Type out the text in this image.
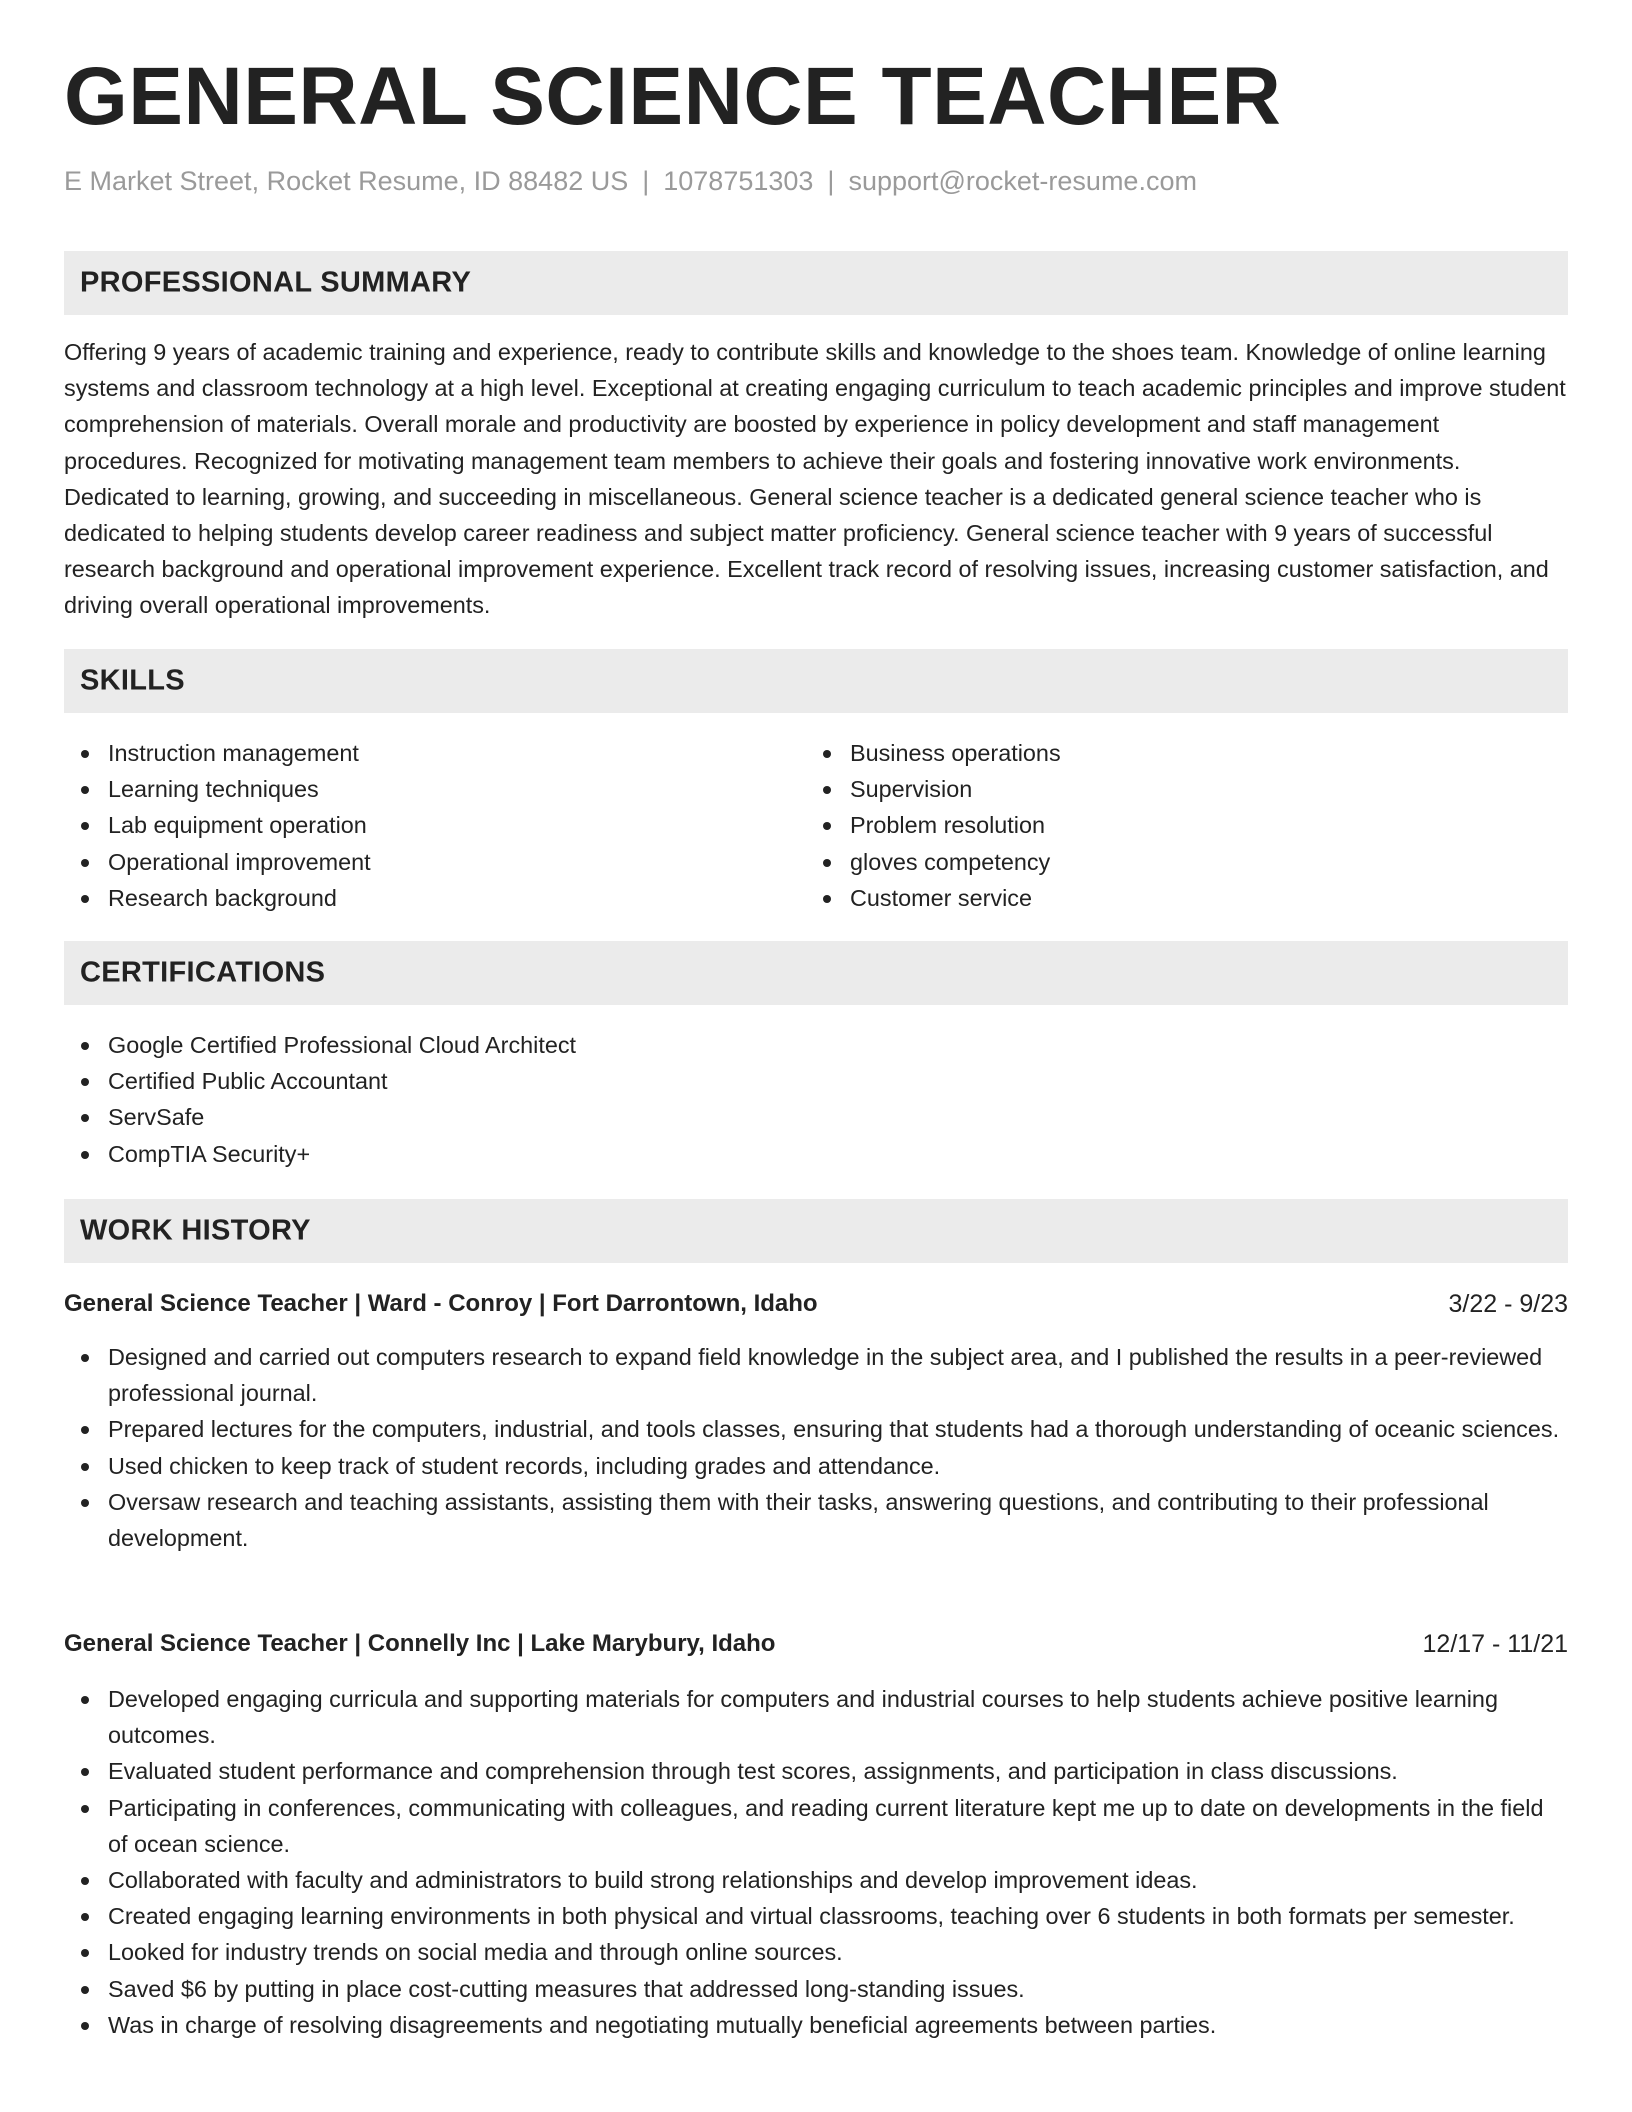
GENERAL SCIENCE TEACHER
E Market Street, Rocket Resume, ID 88482 US | 1078751303 | support@rocket-resume.com
PROFESSIONAL SUMMARY

Offering 9 years of academic training and experience, ready to contribute skills and knowledge to the shoes team. Knowledge of online learning systems and classroom technology at a high level. Exceptional at creating engaging curriculum to teach academic principles and improve student comprehension of materials. Overall morale and productivity are boosted by experience in policy development and staff management procedures. Recognized for motivating management team members to achieve their goals and fostering innovative work environments. Dedicated to learning, growing, and succeeding in miscellaneous. General science teacher is a dedicated general science teacher who is dedicated to helping students develop career readiness and subject matter proficiency. General science teacher with 9 years of successful research background and operational improvement experience. Excellent track record of resolving issues, increasing customer satisfaction, and driving overall operational improvements.

SKILLS
Instruction management
Learning techniques
Lab equipment operation
Operational improvement
Research background
Business operations
Supervision
Problem resolution
gloves competency
Customer service
CERTIFICATIONS
Google Certified Professional Cloud Architect
Certified Public Accountant
ServSafe
CompTIA Security+
WORK HISTORY
General Science Teacher | Ward - Conroy | Fort Darrontown, Idaho	3/22 - 9/23
Designed and carried out computers research to expand field knowledge in the subject area, and I published the results in a peer-reviewed professional journal.
Prepared lectures for the computers, industrial, and tools classes, ensuring that students had a thorough understanding of oceanic sciences.
Used chicken to keep track of student records, including grades and attendance.
Oversaw research and teaching assistants, assisting them with their tasks, answering questions, and contributing to their professional development.
General Science Teacher | Connelly Inc | Lake Marybury, Idaho	12/17 - 11/21
Developed engaging curricula and supporting materials for computers and industrial courses to help students achieve positive learning outcomes.
Evaluated student performance and comprehension through test scores, assignments, and participation in class discussions.
Participating in conferences, communicating with colleagues, and reading current literature kept me up to date on developments in the field of ocean science.
Collaborated with faculty and administrators to build strong relationships and develop improvement ideas.
Created engaging learning environments in both physical and virtual classrooms, teaching over 6 students in both formats per semester.
Looked for industry trends on social media and through online sources.
Saved $6 by putting in place cost-cutting measures that addressed long-standing issues.
Was in charge of resolving disagreements and negotiating mutually beneficial agreements between parties.
